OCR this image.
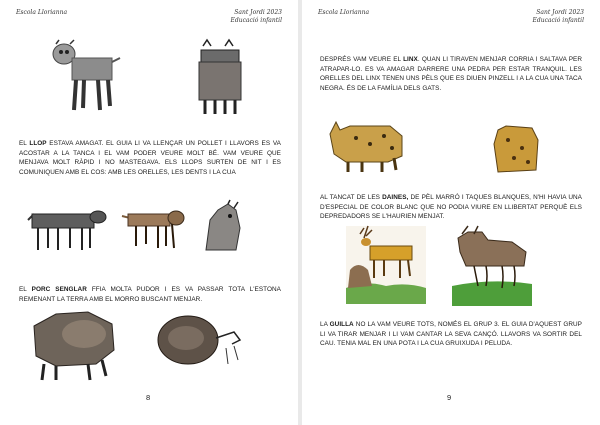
Escola Llorianna	Sant Jordi 2023
Educació infantil
EL LLOP ESTAVA AMAGAT. EL GUIA LI VA LLENÇAR UN POLLET I LLAVORS ES VA ACOSTAR A LA TANCA I EL VAM PODER VEURE MOLT BÉ. VAM VEURE QUE MENJAVA MOLT RÀPID I NO MASTEGAVA. ELS LLOPS SURTEN DE NIT I ES COMUNIQUEN AMB EL COS: AMB LES ORELLES, LES DENTS I LA CUA
EL PORC SENGLAR FFIA MOLTA PUDOR I ES VA PASSAR TOTA L'ESTONA REMENANT LA TERRA AMB EL MORRO BUSCANT MENJAR.
8
Escola Llorianna	Sant Jordi 2023
Educació infantil
DESPRÉS VAM VEURE EL LINX. QUAN LI TIRAVEN MENJAR CORRIA I SALTAVA PER ATRAPAR-LO. ES VA AMAGAR DARRERE UNA PEDRA PER ESTAR TRANQUIL. LES ORELLES DEL LINX TENEN UNS PÈLS QUE ES DIUEN PINZELL I A LA CUA UNA TACA NEGRA. ÉS DE LA FAMÍLIA DELS GATS.
AL TANCAT DE LES DAINES, DE PÈL MARRÓ I TAQUES BLANQUES, N'HI HAVIA UNA D'ESPECIAL DE COLOR BLANC QUE NO PODIA VIURE EN LLIBERTAT PERQUÈ ELS DEPREDADORS SE L'HAURIEN MENJAT.
LA GUILLA NO LA VAM VEURE TOTS, NOMÉS EL GRUP 3. EL GUIA D'AQUEST GRUP LI VA TIRAR MENJAR I LI VAM CANTAR LA SEVA CANÇÓ. LLAVORS VA SORTIR DEL CAU. TENIA MAL EN UNA POTA I LA CUA GRUIXUDA I PELUDA.
9
